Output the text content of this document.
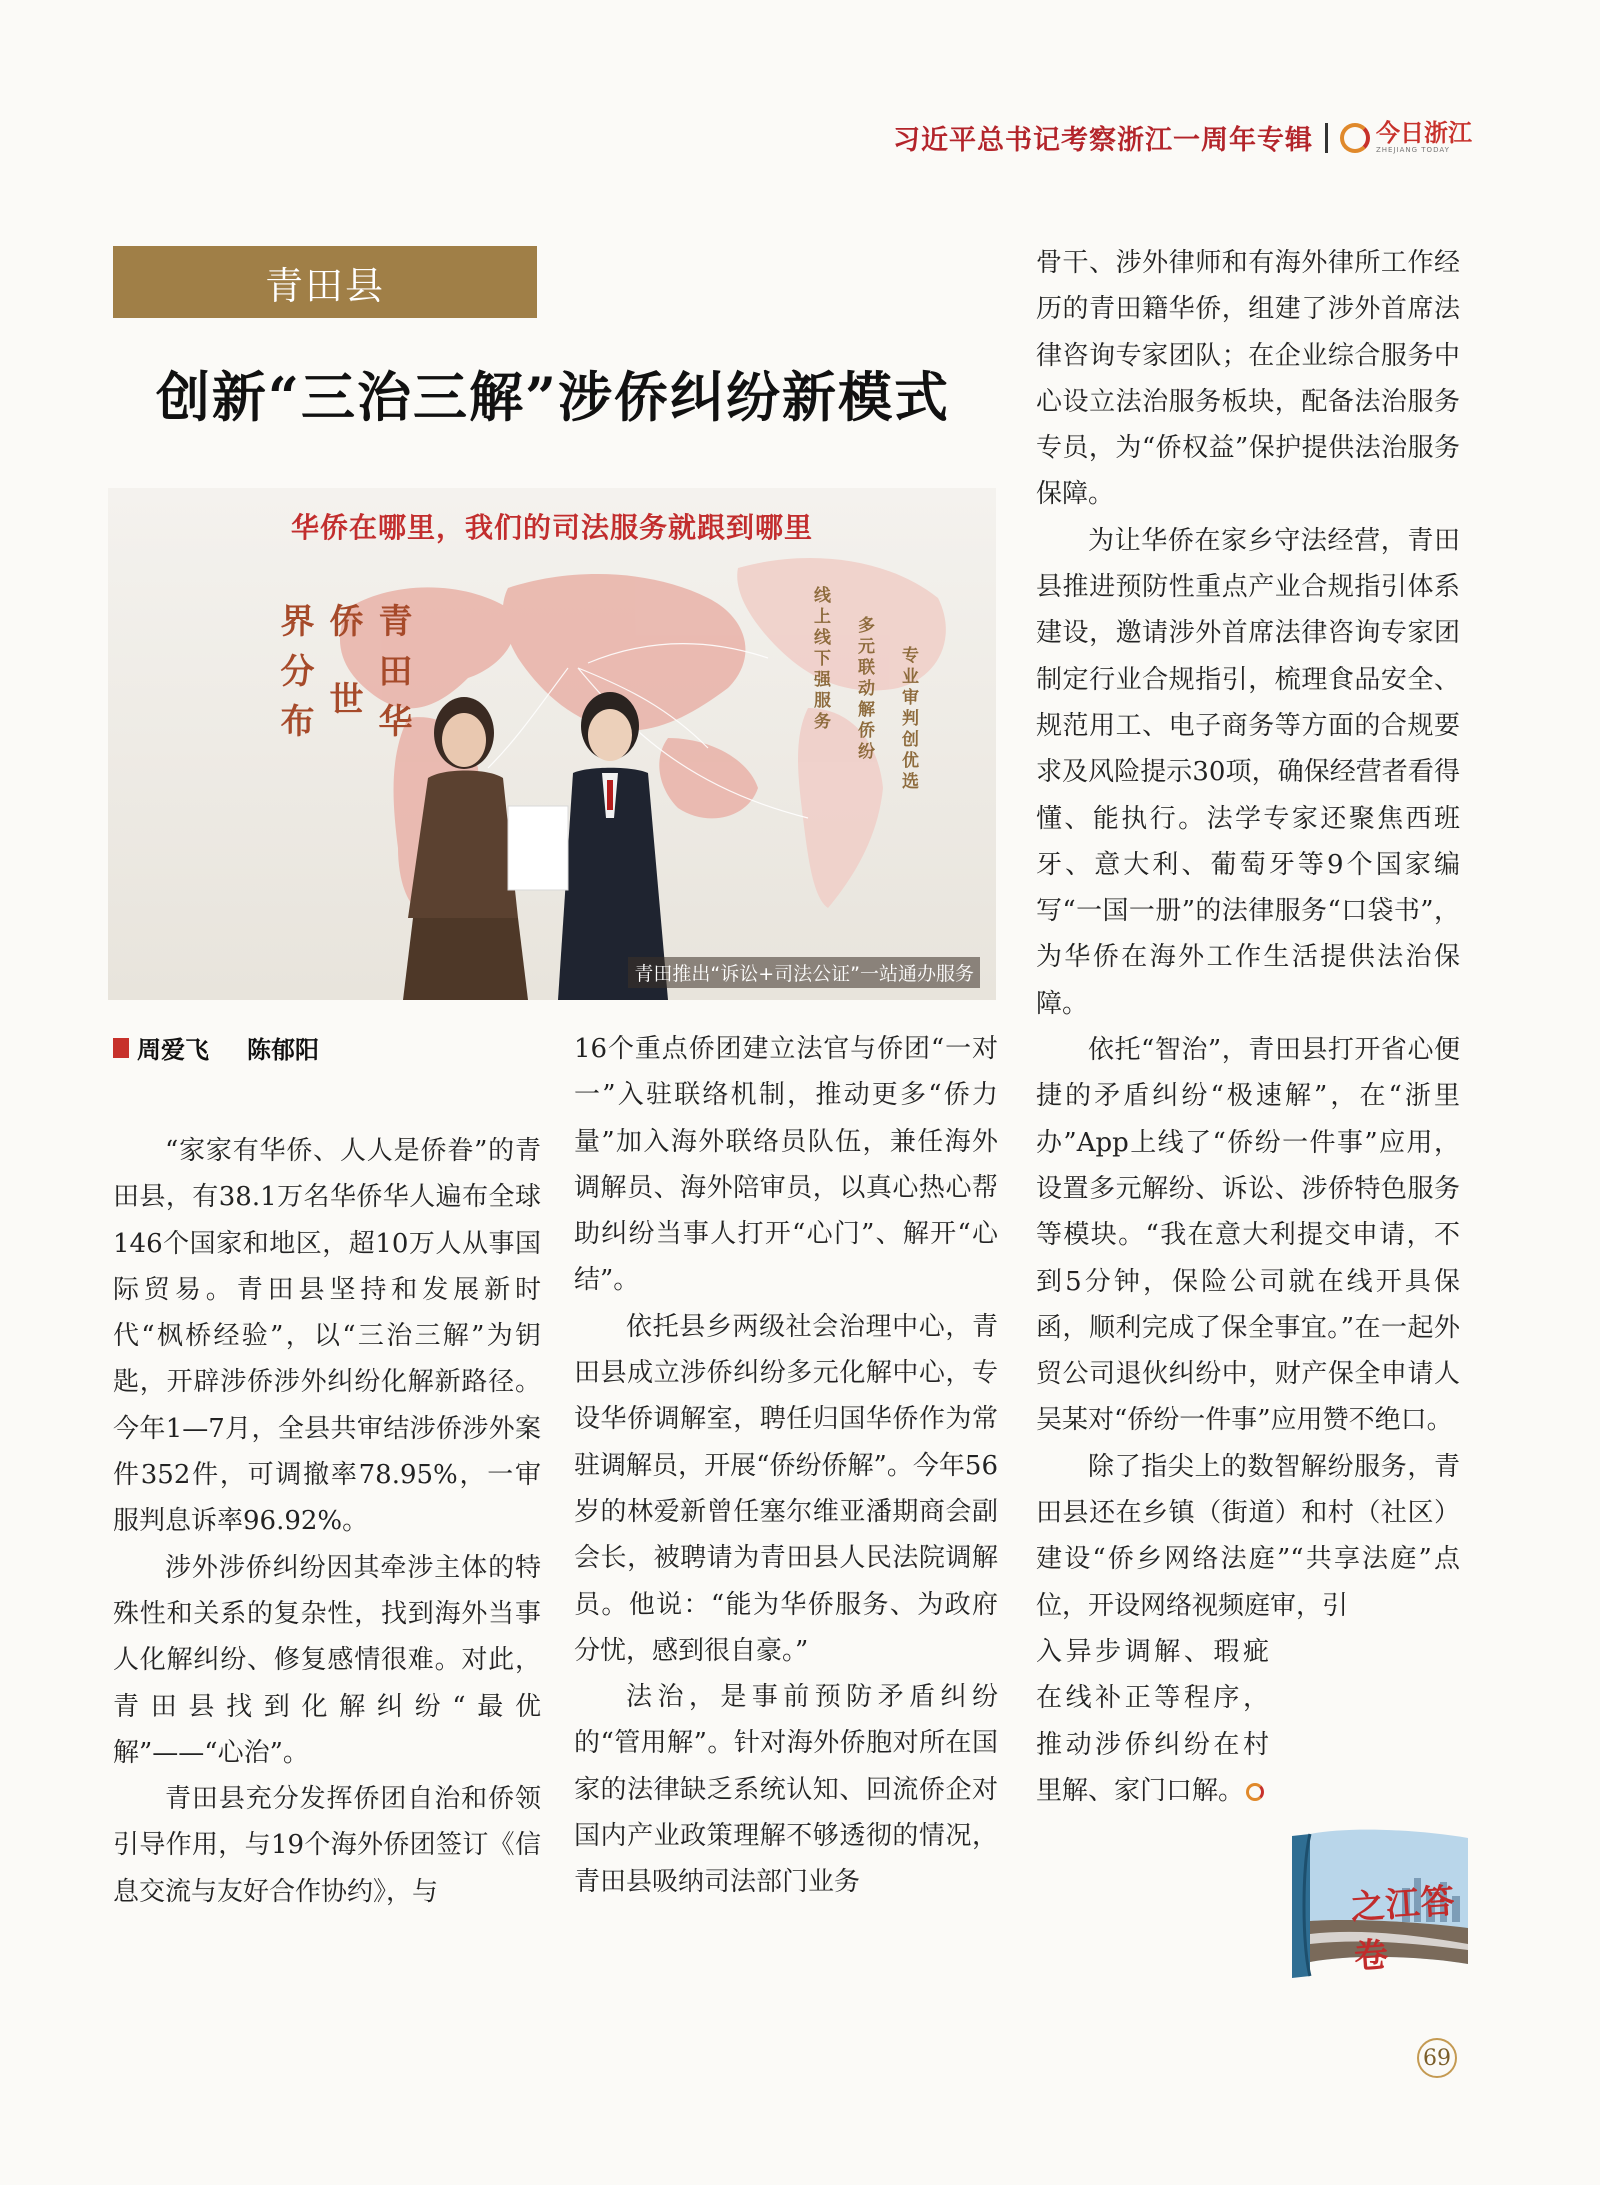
习近平总书记考察浙江一周年专辑	今日浙江
ZHEJIANG TODAY
青田县
创新“三治三解”涉侨纠纷新模式
华侨在哪里，我们的司法服务就跟到哪里
青田华侨 世界分布	线上线下强服务 多元联动解侨纷 专业审判创优选
青田推出“诉讼+司法公证”一站通办服务
周爱飞 陈郁阳

“家家有华侨、人人是侨眷”的青田县，有38.1万名华侨华人遍布全球146个国家和地区，超10万人从事国际贸易。青田县坚持和发展新时代“枫桥经验”，以“三治三解”为钥匙，开辟涉侨涉外纠纷化解新路径。今年1—7月，全县共审结涉侨涉外案件352件，可调撤率78.95%，一审服判息诉率96.92%。

涉外涉侨纠纷因其牵涉主体的特殊性和关系的复杂性，找到海外当事人化解纠纷、修复感情很难。对此，青田县找到化解纠纷“最优解”——“心治”。

青田县充分发挥侨团自治和侨领引导作用，与19个海外侨团签订《信息交流与友好合作协约》，与

16个重点侨团建立法官与侨团“一对一”入驻联络机制，推动更多“侨力量”加入海外联络员队伍，兼任海外调解员、海外陪审员，以真心热心帮助纠纷当事人打开“心门”、解开“心结”。

依托县乡两级社会治理中心，青田县成立涉侨纠纷多元化解中心，专设华侨调解室，聘任归国华侨作为常驻调解员，开展“侨纷侨解”。今年56岁的林爱新曾任塞尔维亚潘期商会副会长，被聘请为青田县人民法院调解员。他说：“能为华侨服务、为政府分忧，感到很自豪。”

法治，是事前预防矛盾纠纷的“管用解”。针对海外侨胞对所在国家的法律缺乏系统认知、回流侨企对国内产业政策理解不够透彻的情况，青田县吸纳司法部门业务

骨干、涉外律师和有海外律所工作经历的青田籍华侨，组建了涉外首席法律咨询专家团队；在企业综合服务中心设立法治服务板块，配备法治服务专员，为“侨权益”保护提供法治服务保障。

为让华侨在家乡守法经营，青田县推进预防性重点产业合规指引体系建设，邀请涉外首席法律咨询专家团制定行业合规指引，梳理食品安全、规范用工、电子商务等方面的合规要求及风险提示30项，确保经营者看得懂、能执行。法学专家还聚焦西班牙、意大利、葡萄牙等9个国家编写“一国一册”的法律服务“口袋书”，为华侨在海外工作生活提供法治保障。

依托“智治”，青田县打开省心便捷的矛盾纠纷“极速解”，在“浙里办”App上线了“侨纷一件事”应用，设置多元解纷、诉讼、涉侨特色服务等模块。“我在意大利提交申请，不到5分钟，保险公司就在线开具保函，顺利完成了保全事宜。”在一起外贸公司退伙纠纷中，财产保全申请人吴某对“侨纷一件事”应用赞不绝口。

除了指尖上的数智解纷服务，青田县还在乡镇（街道）和村（社区）建设“侨乡网络法庭”“共享法庭”点位，开设网络视频庭审，引

入异步调解、瑕疵在线补正等程序，推动涉侨纠纷在村里解、家门口解。

之江答卷
69
